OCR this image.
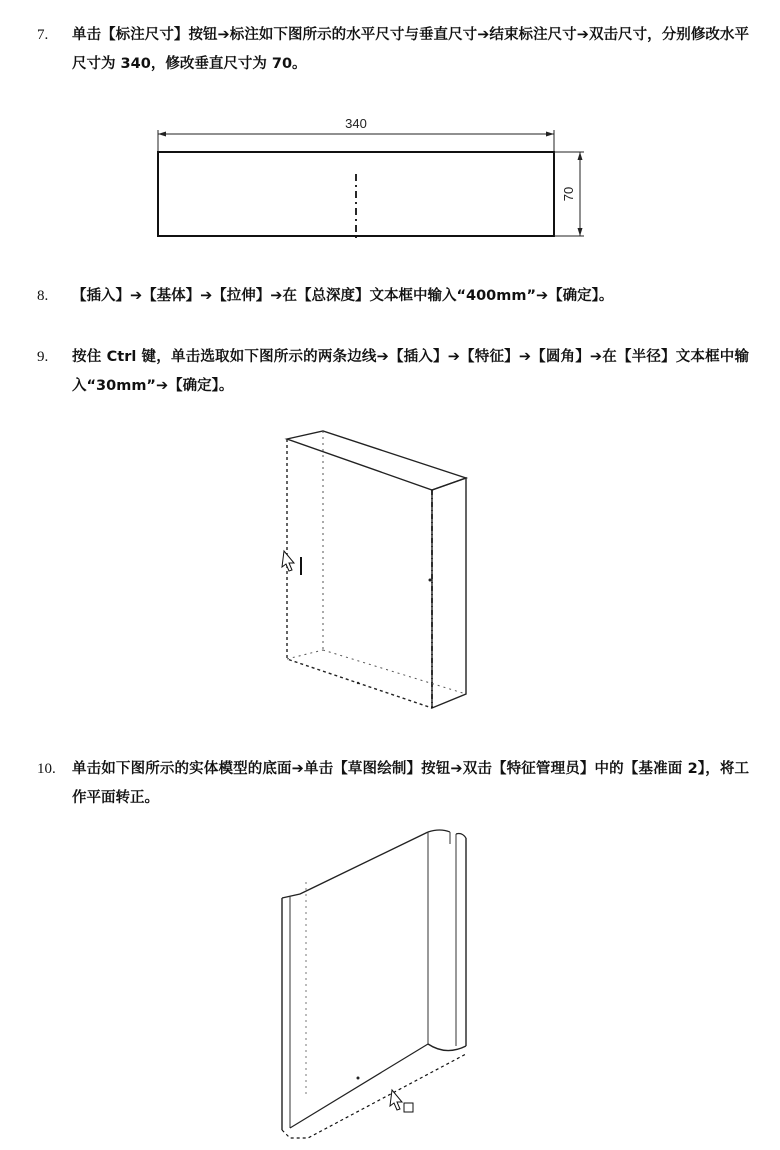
7.	单击【标注尺寸】按钮➔标注如下图所示的水平尺寸与垂直尺寸➔结束标注尺寸➔双击尺寸，分别修改水平尺寸为 340，修改垂直尺寸为 70。
340
70
8.	【插入】➔【基体】➔【拉伸】➔在【总深度】文本框中输入“400mm”➔【确定】。
9.	按住 Ctrl 键，单击选取如下图所示的两条边线➔【插入】➔【特征】➔【圆角】➔在【半径】文本框中输入“30mm”➔【确定】。
10.	单击如下图所示的实体模型的底面➔单击【草图绘制】按钮➔双击【特征管理员】中的【基准面 2】，将工作平面转正。
